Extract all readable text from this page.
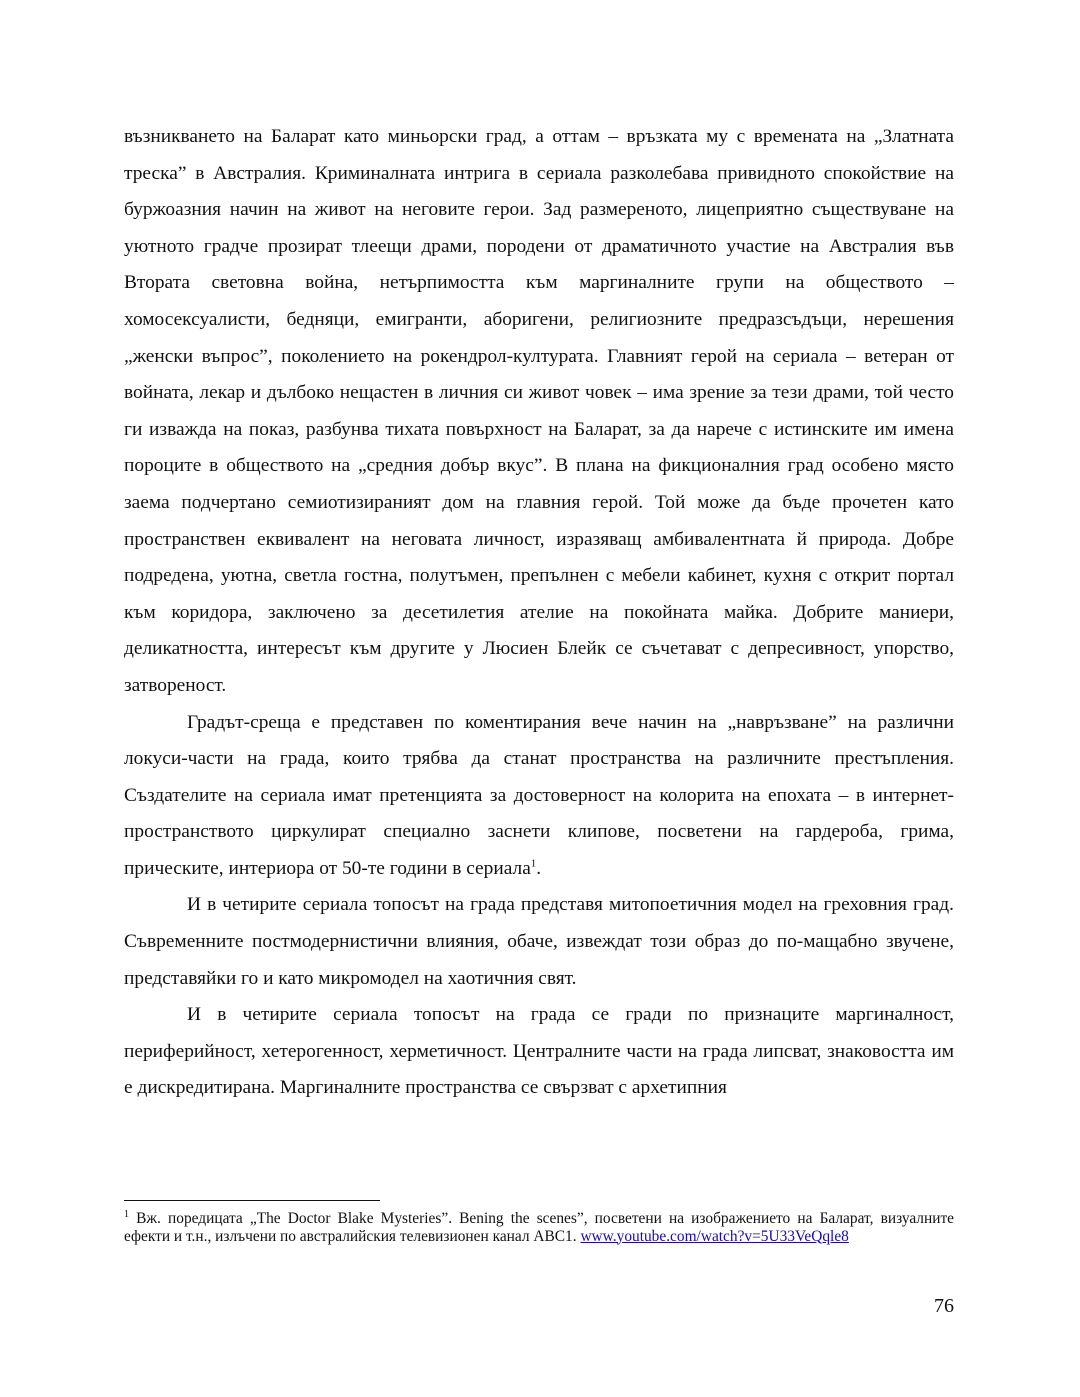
възникването на Баларат като миньорски град, а оттам – връзката му с времената на „Златната треска” в Австралия. Криминалната интрига в сериала разколебава привидното спокойствие на буржоазния начин на живот на неговите герои. Зад размереното, лицеприятно съществуване на уютното градче прозират тлеещи драми, породени от драматичното участие на Австралия във Втората световна война, нетърпимостта към маргиналните групи на обществото – хомосексуалисти, бедняци, емигранти, аборигени, религиозните предразсъдъци, нерешения „женски въпрос”, поколението на рокендрол-културата. Главният герой на сериала – ветеран от войната, лекар и дълбоко нещастен в личния си живот човек – има зрение за тези драми, той често ги изважда на показ, разбунва тихата повърхност на Баларат, за да нарече с истинските им имена пороците в обществото на „средния добър вкус”. В плана на фикционалния град особено място заема подчертано семиотизираният дом на главния герой. Той може да бъде прочетен като пространствен еквивалент на неговата личност, изразяващ амбивалентната й природа. Добре подредена, уютна, светла гостна, полутъмен, препълнен с мебели кабинет, кухня с открит портал към коридора, заключено за десетилетия ателие на покойната майка. Добрите маниери, деликатността, интересът към другите у Люсиен Блейк се съчетават с депресивност, упорство, затвореност.

Градът-среща е представен по коментирания вече начин на „навръзване” на различни локуси-части на града, които трябва да станат пространства на различните престъпления. Създателите на сериала имат претенцията за достоверност на колорита на епохата – в интернет-пространството циркулират специално заснети клипове, посветени на гардероба, грима, прическите, интериора от 50-те години в сериала$^1$.

И в четирите сериала топосът на града представя митопоетичния модел на греховния град. Съвременните постмодернистични влияния, обаче, извеждат този образ до по-мащабно звучене, представяйки го и като микромодел на хаотичния свят.

И в четирите сериала топосът на града се гради по признаците маргиналност, периферийност, хетерогенност, херметичност. Централните части на града липсват, знаковостта им е дискредитирана. Маргиналните пространства се свързват с архетипния

$^1$ Вж. поредицата „The Doctor Blake Mysteries”. Bening the scenes”, посветени на изображението на Баларат, визуалните ефекти и т.н., излъчени по австралийския телевизионен канал ABC1. www.youtube.com/watch?v=5U33VeQqle8

76
